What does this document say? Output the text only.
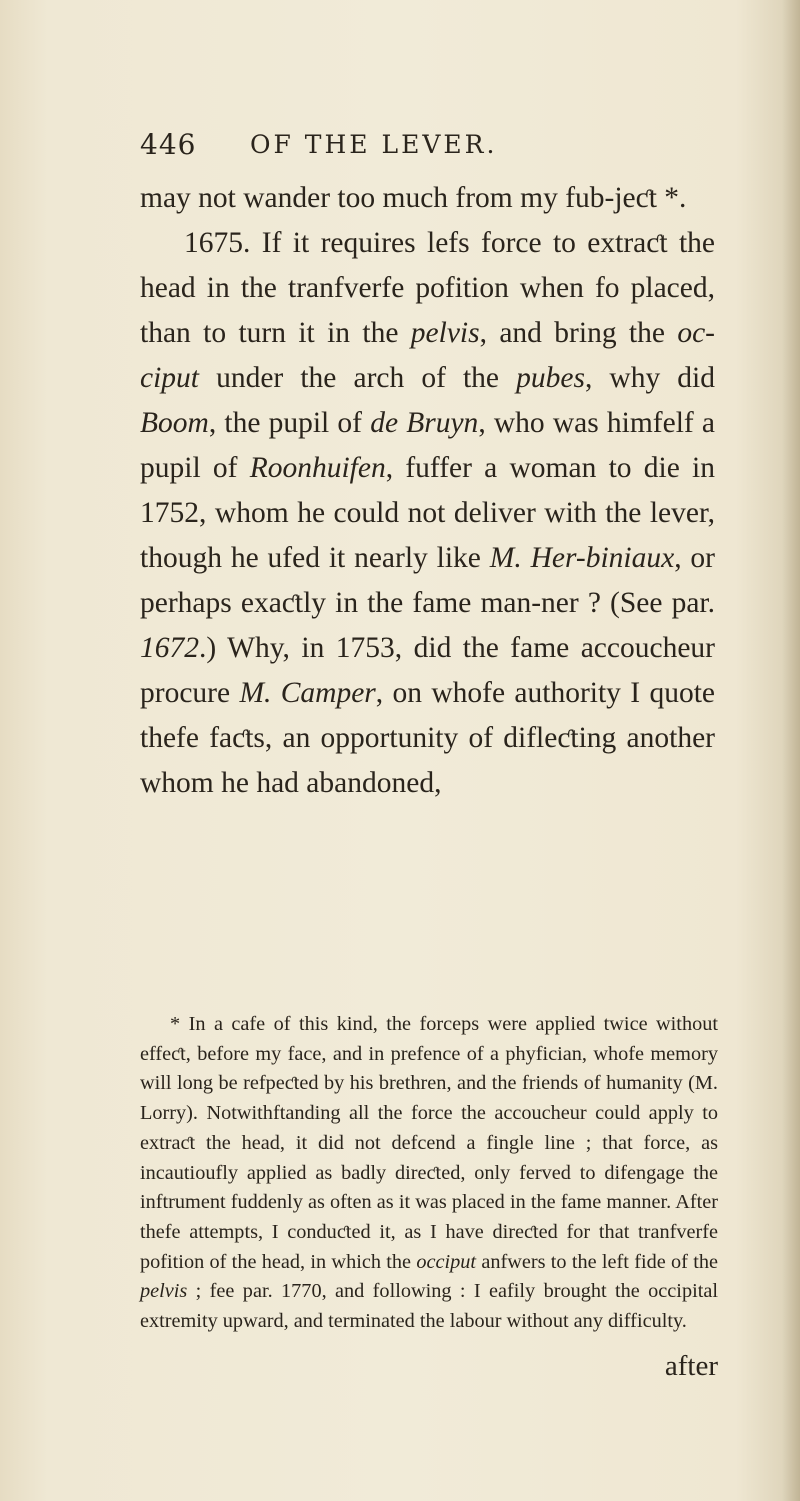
446 OF THE LEVER.

may not wander too much from my fub-jeƈt *.

1675. If it requires lefs force to extraƈt the head in the tranfverfe pofition when fo placed, than to turn it in the pelvis, and bring the oc-ciput under the arch of the pubes, why did Boom, the pupil of de Bruyn, who was himfelf a pupil of Roonhuifen, fuffer a woman to die in 1752, whom he could not deliver with the lever, though he ufed it nearly like M. Her-biniaux, or perhaps exaƈtly in the fame man-ner ? (See par. 1672.) Why, in 1753, did the fame accoucheur procure M. Camper, on whofe authority I quote thefe faƈts, an opportunity of difleƈting another whom he had abandoned,

* In a cafe of this kind, the forceps were applied twice without effeƈt, before my face, and in prefence of a phyfician, whofe memory will long be refpeƈted by his brethren, and the friends of humanity (M. Lorry). Notwithftanding all the force the accoucheur could apply to extraƈt the head, it did not defcend a fingle line ; that force, as incautioufly applied as badly direƈted, only ferved to difengage the inftrument fuddenly as often as it was placed in the fame manner. After thefe attempts, I conduƈted it, as I have direƈted for that tranfverfe pofition of the head, in which the occiput anfwers to the left fide of the pelvis ; fee par. 1770, and following : I eafily brought the occipital extremity upward, and terminated the labour without any difficulty.

after
